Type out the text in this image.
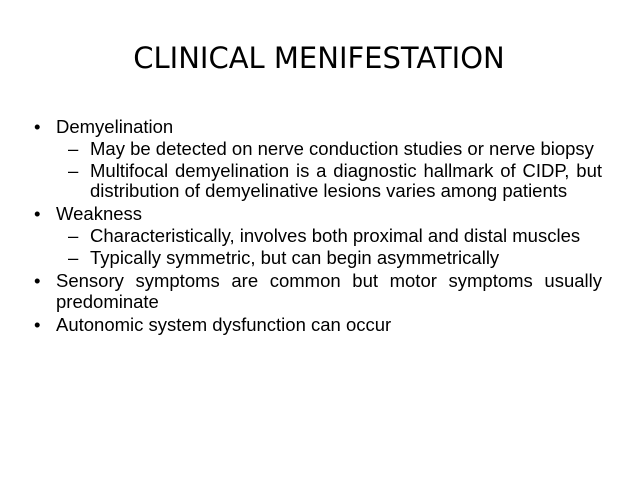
CLINICAL MENIFESTATION
• Demyelination
– May be detected on nerve conduction studies or nerve biopsy
– Multifocal demyelination is a diagnostic hallmark of CIDP, but distribution of demyelinative lesions varies among patients
• Weakness
– Characteristically, involves both proximal and distal muscles
– Typically symmetric, but can begin asymmetrically
• Sensory symptoms are common but motor symptoms usually predominate
• Autonomic system dysfunction can occur
